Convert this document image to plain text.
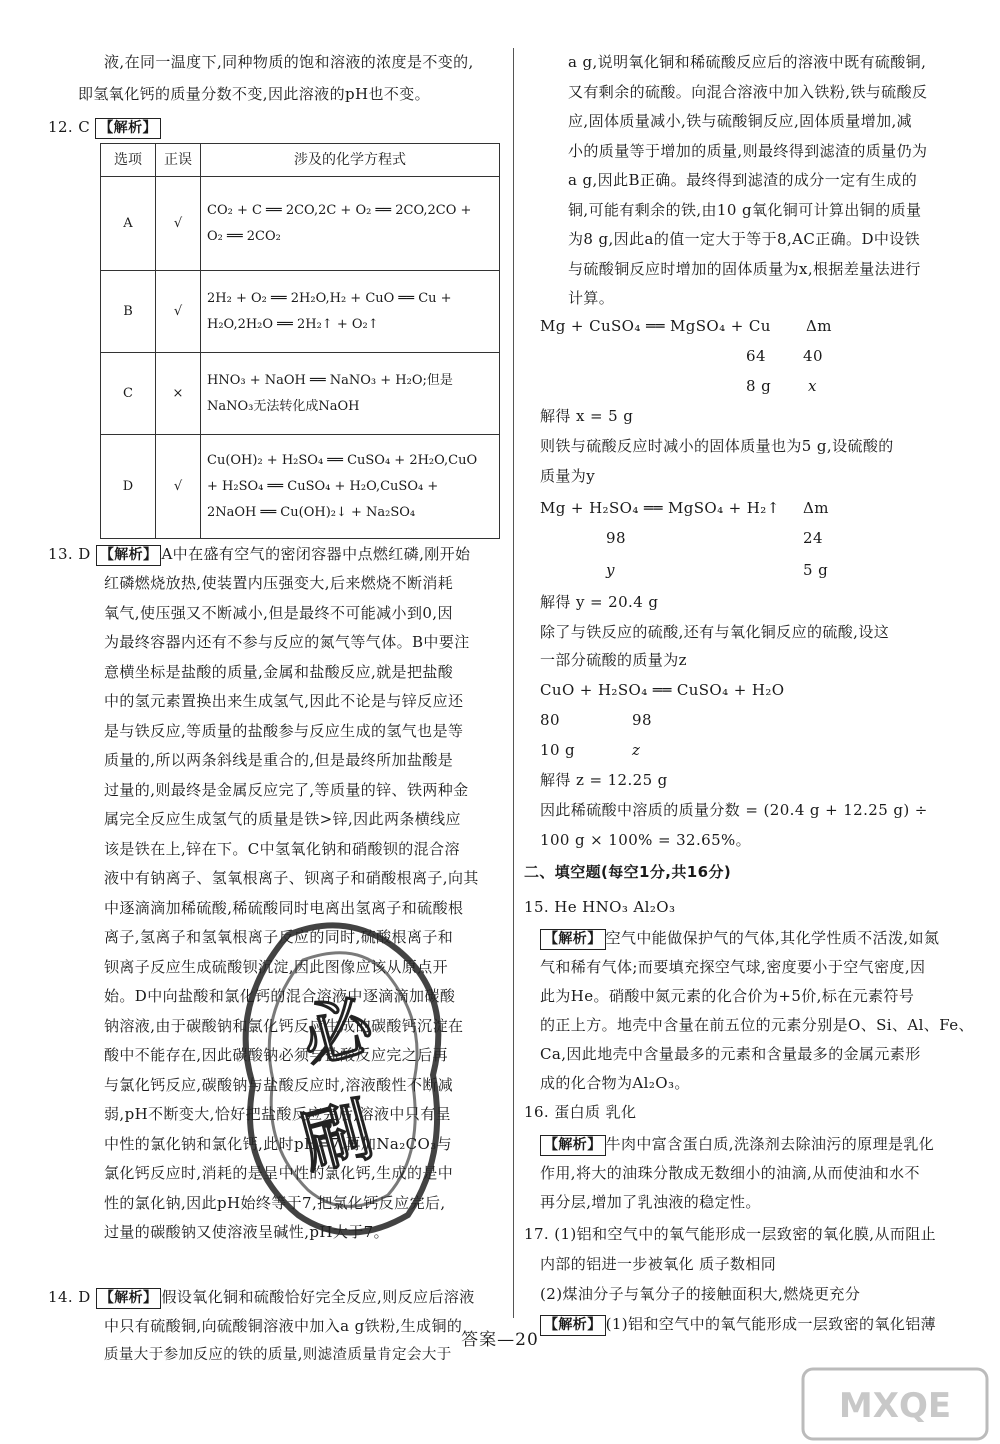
液,在同一温度下,同种物质的饱和溶液的浓度是不变的,
即氢氧化钙的质量分数不变,因此溶液的pH也不变。
12. C 【解析】
选项	正误	涉及的化学方程式
A	√	CO₂ + C ══ 2CO,2C + O₂ ══ 2CO,2CO +
O₂ ══ 2CO₂

B	√	2H₂ + O₂ ══ 2H₂O,H₂ + CuO ══ Cu +
H₂O,2H₂O ══ 2H₂↑ + O₂↑

C	×	HNO₃ + NaOH ══ NaNO₃ + H₂O;但是
NaNO₃无法转化成NaOH

D	√	Cu(OH)₂ + H₂SO₄ ══ CuSO₄ + 2H₂O,CuO
+ H₂SO₄ ══ CuSO₄ + H₂O,CuSO₄ +
2NaOH ══ Cu(OH)₂↓ + Na₂SO₄
13. D 【解析】 A中在盛有空气的密闭容器中点燃红磷,刚开始
红磷燃烧放热,使装置内压强变大,后来燃烧不断消耗
氧气,使压强又不断减小,但是最终不可能减小到0,因
为最终容器内还有不参与反应的氮气等气体。B中要注
意横坐标是盐酸的质量,金属和盐酸反应,就是把盐酸
中的氢元素置换出来生成氢气,因此不论是与锌反应还
是与铁反应,等质量的盐酸参与反应生成的氢气也是等
质量的,所以两条斜线是重合的,但是最终所加盐酸是
过量的,则最终是金属反应完了,等质量的锌、铁两种金
属完全反应生成氢气的质量是铁>锌,因此两条横线应
该是铁在上,锌在下。C中氢氧化钠和硝酸钡的混合溶
液中有钠离子、氢氧根离子、钡离子和硝酸根离子,向其
中逐滴滴加稀硫酸,稀硫酸同时电离出氢离子和硫酸根
离子,氢离子和氢氧根离子反应的同时,硫酸根离子和
钡离子反应生成硫酸钡沉淀,因此图像应该从原点开
始。D中向盐酸和氯化钙的混合溶液中逐滴滴加碳酸
钠溶液,由于碳酸钠和氯化钙反应生成的碳酸钙沉淀在
酸中不能存在,因此碳酸钠必须与盐酸反应完之后再
与氯化钙反应,碳酸钠与盐酸反应时,溶液酸性不断减
弱,pH不断变大,恰好把盐酸反应完后,溶液中只有呈
中性的氯化钠和氯化钙,此时pH=7,再加Na₂CO₃与
氯化钙反应时,消耗的是呈中性的氯化钙,生成的是中
性的氯化钠,因此pH始终等于7,把氯化钙反应完后,
过量的碳酸钠又使溶液呈碱性,pH大于7。
14. D 【解析】 假设氧化铜和硫酸恰好完全反应,则反应后溶液
中只有硫酸铜,向硫酸铜溶液中加入a g铁粉,生成铜的
质量大于参加反应的铁的质量,则滤渣质量肯定会大于
a g,说明氧化铜和稀硫酸反应后的溶液中既有硫酸铜,
又有剩余的硫酸。向混合溶液中加入铁粉,铁与硫酸反
应,固体质量减小,铁与硫酸铜反应,固体质量增加,减
小的质量等于增加的质量,则最终得到滤渣的质量仍为
a g,因此B正确。最终得到滤渣的成分一定有生成的
铜,可能有剩余的铁,由10 g氧化铜可计算出铜的质量
为8 g,因此a的值一定大于等于8,AC正确。D中设铁
与硫酸铜反应时增加的固体质量为x,根据差量法进行
计算。
Mg + CuSO₄ ══ MgSO₄ + Cu Δm
64 40
8 g x
解得 x = 5 g
则铁与硫酸反应时减小的固体质量也为5 g,设硫酸的
质量为y
Mg + H₂SO₄ ══ MgSO₄ + H₂↑ Δm
98	24
y	5 g
解得 y = 20.4 g
除了与铁反应的硫酸,还有与氧化铜反应的硫酸,设这
一部分硫酸的质量为z
CuO + H₂SO₄ ══ CuSO₄ + H₂O
80	98
10 g	z
解得 z = 12.25 g
因此稀硫酸中溶质的质量分数 = (20.4 g + 12.25 g) ÷
100 g × 100% = 32.65%。
二、填空题(每空1分,共16分)
15. He HNO₃ Al₂O₃
【解析】 空气中能做保护气的气体,其化学性质不活泼,如氮
气和稀有气体;而要填充探空气球,密度要小于空气密度,因
此为He。硝酸中氮元素的化合价为+5价,标在元素符号
的正上方。地壳中含量在前五位的元素分别是O、Si、Al、Fe、
Ca,因此地壳中含量最多的元素和含量最多的金属元素形
成的化合物为Al₂O₃。
16. 蛋白质 乳化
【解析】 牛肉中富含蛋白质,洗涤剂去除油污的原理是乳化
作用,将大的油珠分散成无数细小的油滴,从而使油和水不
再分层,增加了乳浊液的稳定性。
17. (1)铝和空气中的氧气能形成一层致密的氧化膜,从而阻止
内部的铝进一步被氧化 质子数相同
(2)煤油分子与氧分子的接触面积大,燃烧更充分
【解析】 (1)铝和空气中的氧气能形成一层致密的氧化铝薄
答案—20
必
刷
MXQE
